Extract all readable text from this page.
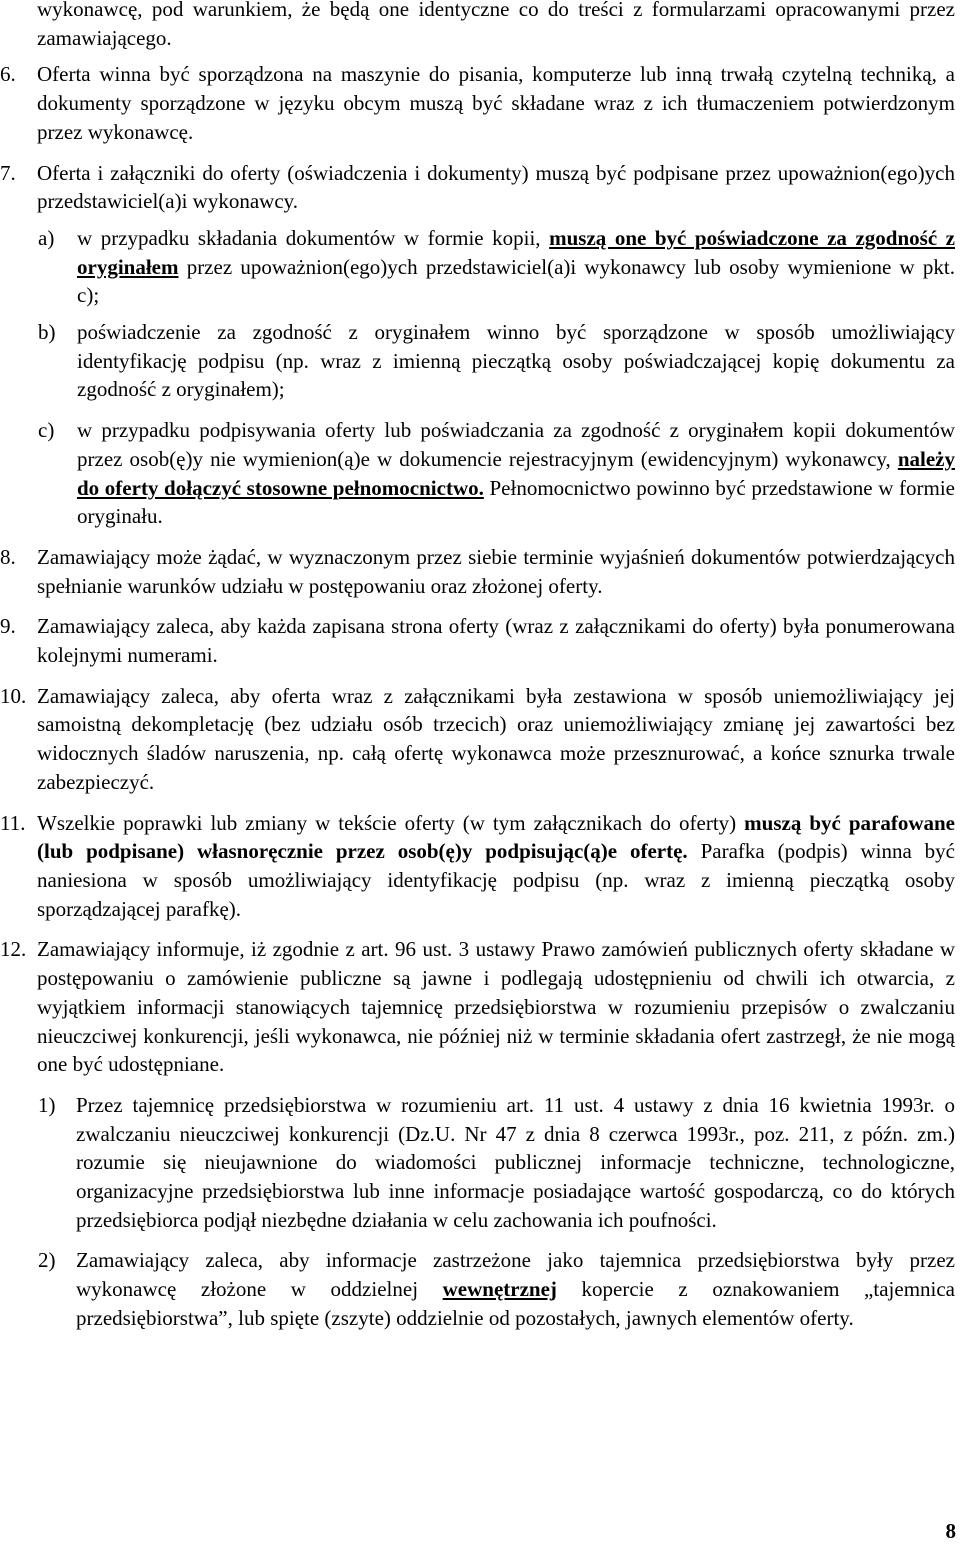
wykonawcę, pod warunkiem, że będą one identyczne co do treści z formularzami opracowanymi przez zamawiającego.

6. Oferta winna być sporządzona na maszynie do pisania, komputerze lub inną trwałą czytelną techniką, a dokumenty sporządzone w języku obcym muszą być składane wraz z ich tłumaczeniem potwierdzonym przez wykonawcę.

7. Oferta i załączniki do oferty (oświadczenia i dokumenty) muszą być podpisane przez upoważnion(ego)ych przedstawiciel(a)i wykonawcy.

a) w przypadku składania dokumentów w formie kopii, muszą one być poświadczone za zgodność z oryginałem przez upoważnion(ego)ych przedstawiciel(a)i wykonawcy lub osoby wymienione w pkt. c);

b) poświadczenie za zgodność z oryginałem winno być sporządzone w sposób umożliwiający identyfikację podpisu (np. wraz z imienną pieczątką osoby poświadczającej kopię dokumentu za zgodność z oryginałem);

c) w przypadku podpisywania oferty lub poświadczania za zgodność z oryginałem kopii dokumentów przez osob(ę)y nie wymienion(ą)e w dokumencie rejestracyjnym (ewidencyjnym) wykonawcy, należy do oferty dołączyć stosowne pełnomocnictwo. Pełnomocnictwo powinno być przedstawione w formie oryginału.

8. Zamawiający może żądać, w wyznaczonym przez siebie terminie wyjaśnień dokumentów potwierdzających spełnianie warunków udziału w postępowaniu oraz złożonej oferty.

9. Zamawiający zaleca, aby każda zapisana strona oferty (wraz z załącznikami do oferty) była ponumerowana kolejnymi numerami.

10. Zamawiający zaleca, aby oferta wraz z załącznikami była zestawiona w sposób uniemożliwiający jej samoistną dekompletację (bez udziału osób trzecich) oraz uniemożliwiający zmianę jej zawartości bez widocznych śladów naruszenia, np. całą ofertę wykonawca może przesznurować, a końce sznurka trwale zabezpieczyć.

11. Wszelkie poprawki lub zmiany w tekście oferty (w tym załącznikach do oferty) muszą być parafowane (lub podpisane) własnoręcznie przez osob(ę)y podpisując(ą)e ofertę. Parafka (podpis) winna być naniesiona w sposób umożliwiający identyfikację podpisu (np. wraz z imienną pieczątką osoby sporządzającej parafkę).

12. Zamawiający informuje, iż zgodnie z art. 96 ust. 3 ustawy Prawo zamówień publicznych oferty składane w postępowaniu o zamówienie publiczne są jawne i podlegają udostępnieniu od chwili ich otwarcia, z wyjątkiem informacji stanowiących tajemnicę przedsiębiorstwa w rozumieniu przepisów o zwalczaniu nieuczciwej konkurencji, jeśli wykonawca, nie później niż w terminie składania ofert zastrzegł, że nie mogą one być udostępniane.

1) Przez tajemnicę przedsiębiorstwa w rozumieniu art. 11 ust. 4 ustawy z dnia 16 kwietnia 1993r. o zwalczaniu nieuczciwej konkurencji (Dz.U. Nr 47 z dnia 8 czerwca 1993r., poz. 211, z późn. zm.) rozumie się nieujawnione do wiadomości publicznej informacje techniczne, technologiczne, organizacyjne przedsiębiorstwa lub inne informacje posiadające wartość gospodarczą, co do których przedsiębiorca podjął niezbędne działania w celu zachowania ich poufności.

2) Zamawiający zaleca, aby informacje zastrzeżone jako tajemnica przedsiębiorstwa były przez wykonawcę złożone w oddzielnej wewnętrznej kopercie z oznakowaniem „tajemnica przedsiębiorstwa”, lub spięte (zszyte) oddzielnie od pozostałych, jawnych elementów oferty.

8
